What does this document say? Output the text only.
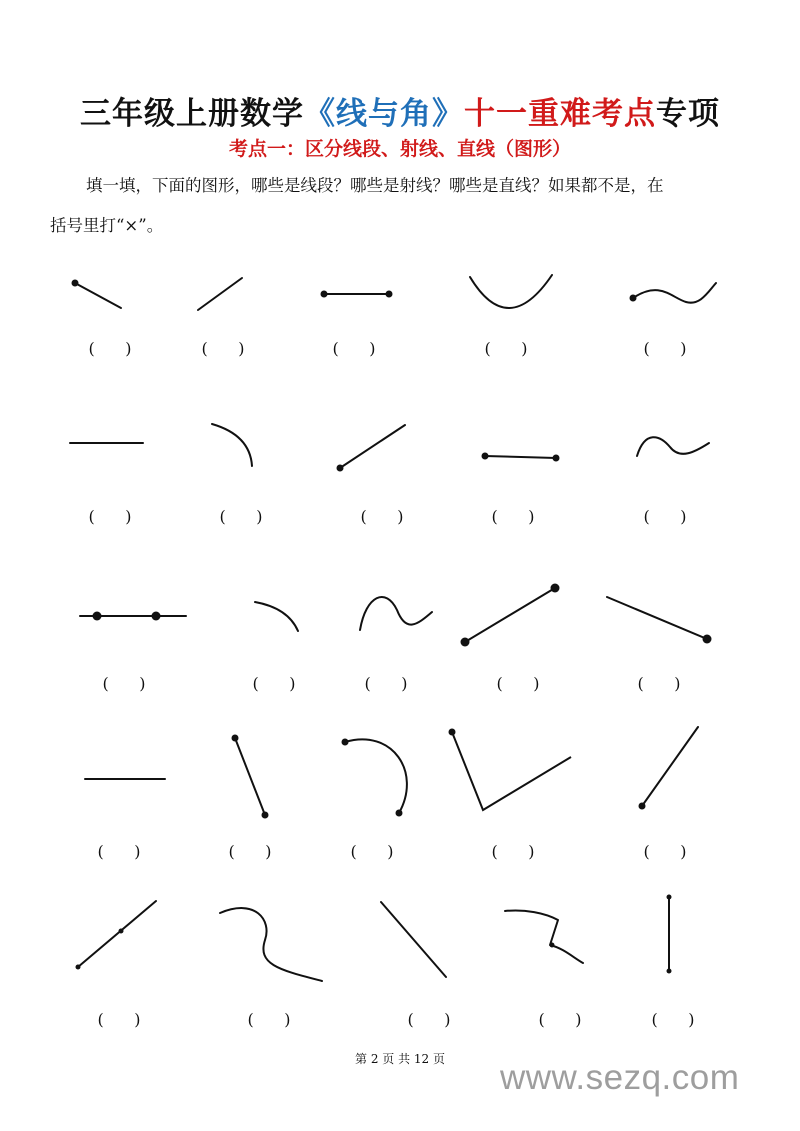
三年级上册数学《线与角》十一重难考点专项
考点一：区分线段、射线、直线（图形）
填一填，下面的图形，哪些是线段？哪些是射线？哪些是直线？如果都不是，在
括号里打“×”。
(      )	(      )	(      )	(      )	(      )
(      )	(      )	(      )	(      )	(      )
(      )	(      )	(      )	(      )	(      )
(      )	(      )	(      )	(      )	(      )
(      )	(      )	(      )	(      )	(      )
第 2 页 共 12 页	www.sezq.com
